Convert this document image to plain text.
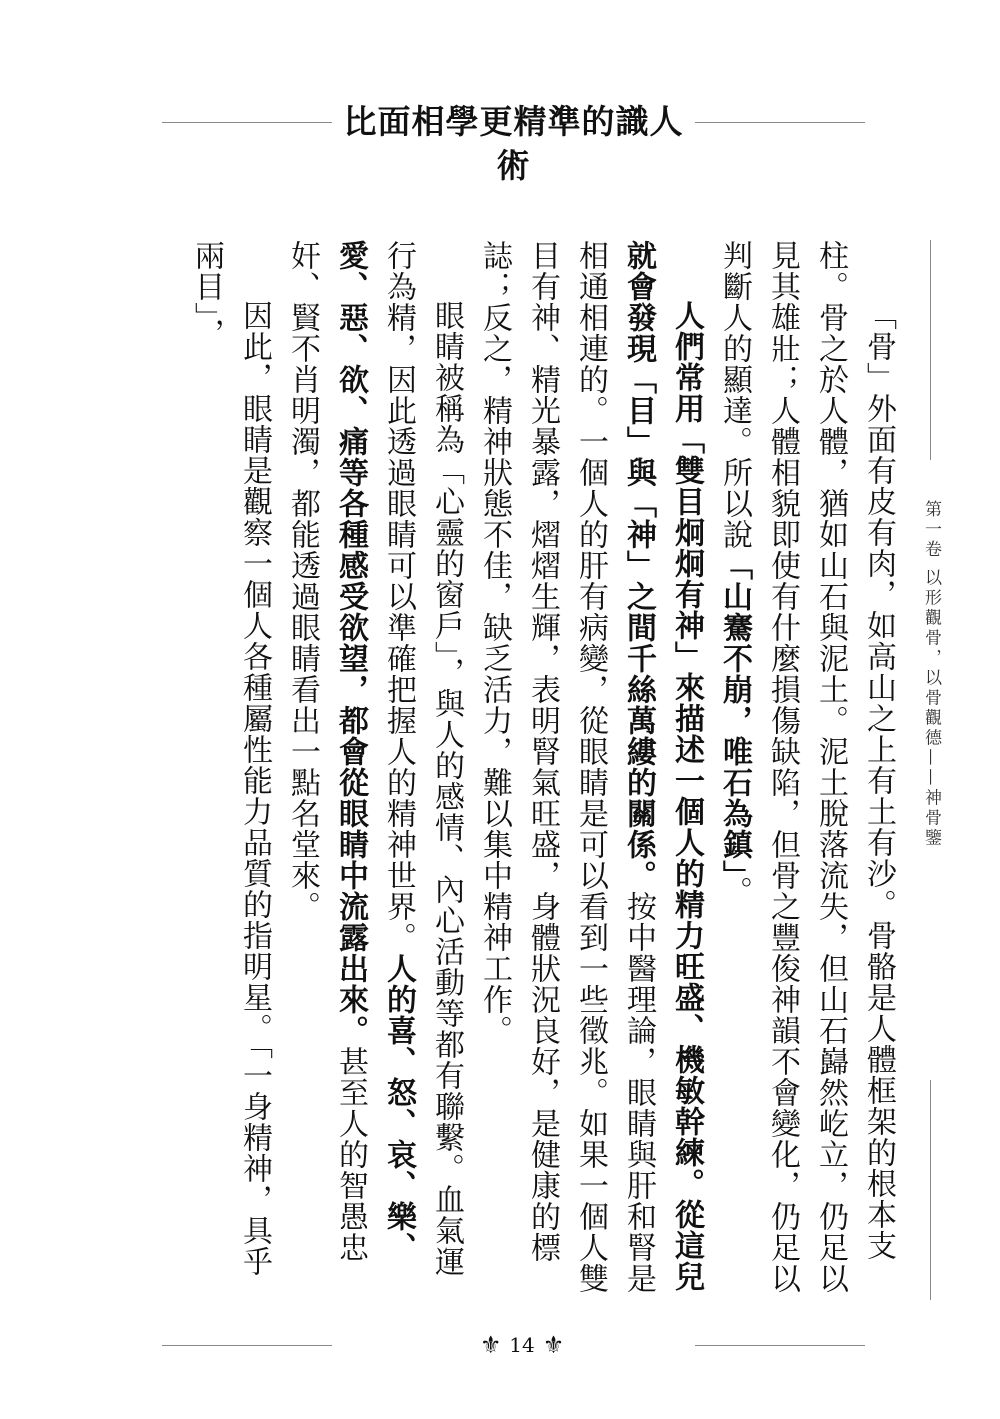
比面相學更精準的識人術

「骨」外面有皮有肉，如高山之上有土有沙。骨骼是人體框架的根本支柱。骨之於人體，猶如山石與泥土。泥土脫落流失，但山石巋然屹立，仍足以見其雄壯；人體相貌即使有什麼損傷缺陷，但骨之豐俊神韻不會變化，仍足以判斷人的顯達。所以說「山騫不崩，唯石為鎮」。

人們常用「雙目炯炯有神」來描述一個人的精力旺盛、機敏幹練。從這兒就會發現「目」與「神」之間千絲萬縷的關係。按中醫理論，眼睛與肝和腎是相通相連的。一個人的肝有病變，從眼睛是可以看到一些徵兆。如果一個人雙目有神、精光暴露，熠熠生輝，表明腎氣旺盛，身體狀況良好，是健康的標誌；反之，精神狀態不佳，缺乏活力，難以集中精神工作。

眼睛被稱為「心靈的窗戶」，與人的感情、內心活動等都有聯繫。血氣運行為精，因此透過眼睛可以準確把握人的精神世界。人的喜、怒、哀、樂、愛、惡、欲、痛等各種感受欲望，都會從眼睛中流露出來。甚至人的智愚忠奸、賢不肖明濁，都能透過眼睛看出一點名堂來。

因此，眼睛是觀察一個人各種屬性能力品質的指明星。「一身精神，具乎兩目」，

第一卷 以形觀骨，以骨觀德——神骨鑒
⚜ 14 ⚜
